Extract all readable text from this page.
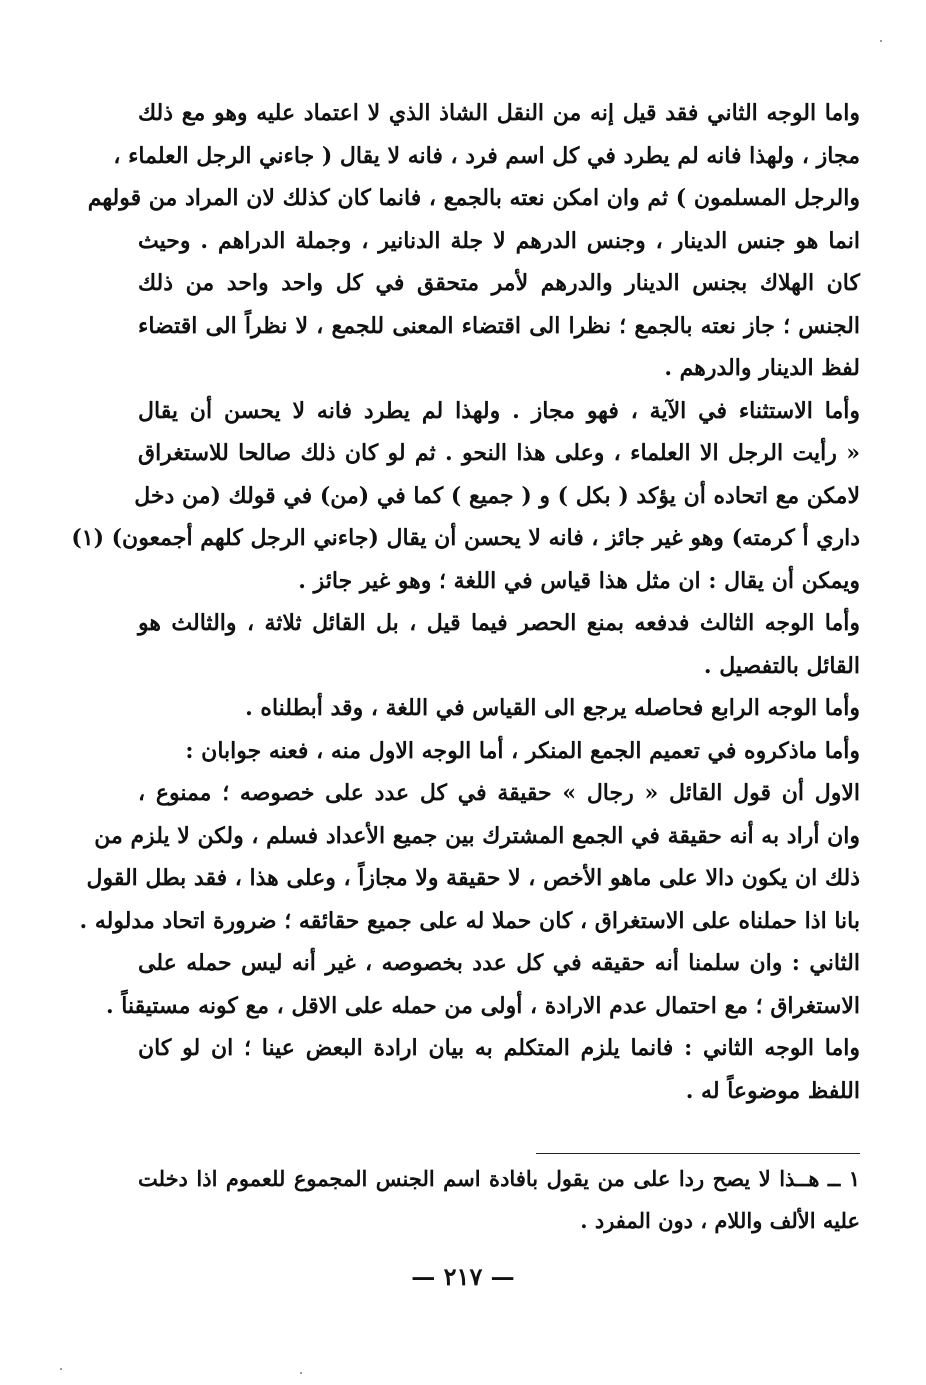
واما الوجه الثاني فقد قيل إنه من النقل الشاذ الذي لا اعتماد عليه وهو مع ذلك
مجاز ، ولهذا فانه لم يطرد في كل اسم فرد ، فانه لا يقال ( جاءني الرجل العلماء ،
والرجل المسلمون ) ثم وان امكن نعته بالجمع ، فانما كان كذلك لان المراد من قولهم
انما هو جنس الدينار ، وجنس الدرهم لا جلة الدنانير ، وجملة الدراهم . وحيث
كان الهلاك بجنس الدينار والدرهم لأمر متحقق في كل واحد واحد من ذلك
الجنس ؛ جاز نعته بالجمع ؛ نظرا الى اقتضاء المعنى للجمع ، لا نظراً الى اقتضاء
لفظ الدينار والدرهم .
وأما الاستثناء في الآية ، فهو مجاز . ولهذا لم يطرد فانه لا يحسن أن يقال
« رأيت الرجل الا العلماء ، وعلى هذا النحو . ثم لو كان ذلك صالحا للاستغراق
لامكن مع اتحاده أن يؤكد ( بكل ) و ( جميع ) كما في (من) في قولك (من دخل
داري أ كرمته) وهو غير جائز ، فانه لا يحسن أن يقال (جاءني الرجل كلهم أجمعون) (١)
ويمكن أن يقال : ان مثل هذا قياس في اللغة ؛ وهو غير جائز .
وأما الوجه الثالث فدفعه بمنع الحصر فيما قيل ، بل القائل ثلاثة ، والثالث هو
القائل بالتفصيل .
وأما الوجه الرابع فحاصله يرجع الى القياس في اللغة ، وقد أبطلناه .
وأما ماذكروه في تعميم الجمع المنكر ، أما الوجه الاول منه ، فعنه جوابان :
الاول أن قول القائل « رجال » حقيقة في كل عدد على خصوصه ؛ ممنوع ،
وان أراد به أنه حقيقة في الجمع المشترك بين جميع الأعداد فسلم ، ولكن لا يلزم من
ذلك ان يكون دالا على ماهو الأخص ، لا حقيقة ولا مجازاً ، وعلى هذا ، فقد بطل القول
بانا اذا حملناه على الاستغراق ، كان حملا له على جميع حقائقه ؛ ضرورة اتحاد مدلوله .
الثاني : وان سلمنا أنه حقيقه في كل عدد بخصوصه ، غير أنه ليس حمله على
الاستغراق ؛ مع احتمال عدم الارادة ، أولى من حمله على الاقل ، مع كونه مستيقناً .
واما الوجه الثاني : فانما يلزم المتكلم به بيان ارادة البعض عينا ؛ ان لو كان
اللفظ موضوعاً له .
١ ــ هــذا لا يصح ردا على من يقول بافادة اسم الجنس المجموع للعموم اذا دخلت
عليه الألف واللام ، دون المفرد .
— ٢١٧ —
